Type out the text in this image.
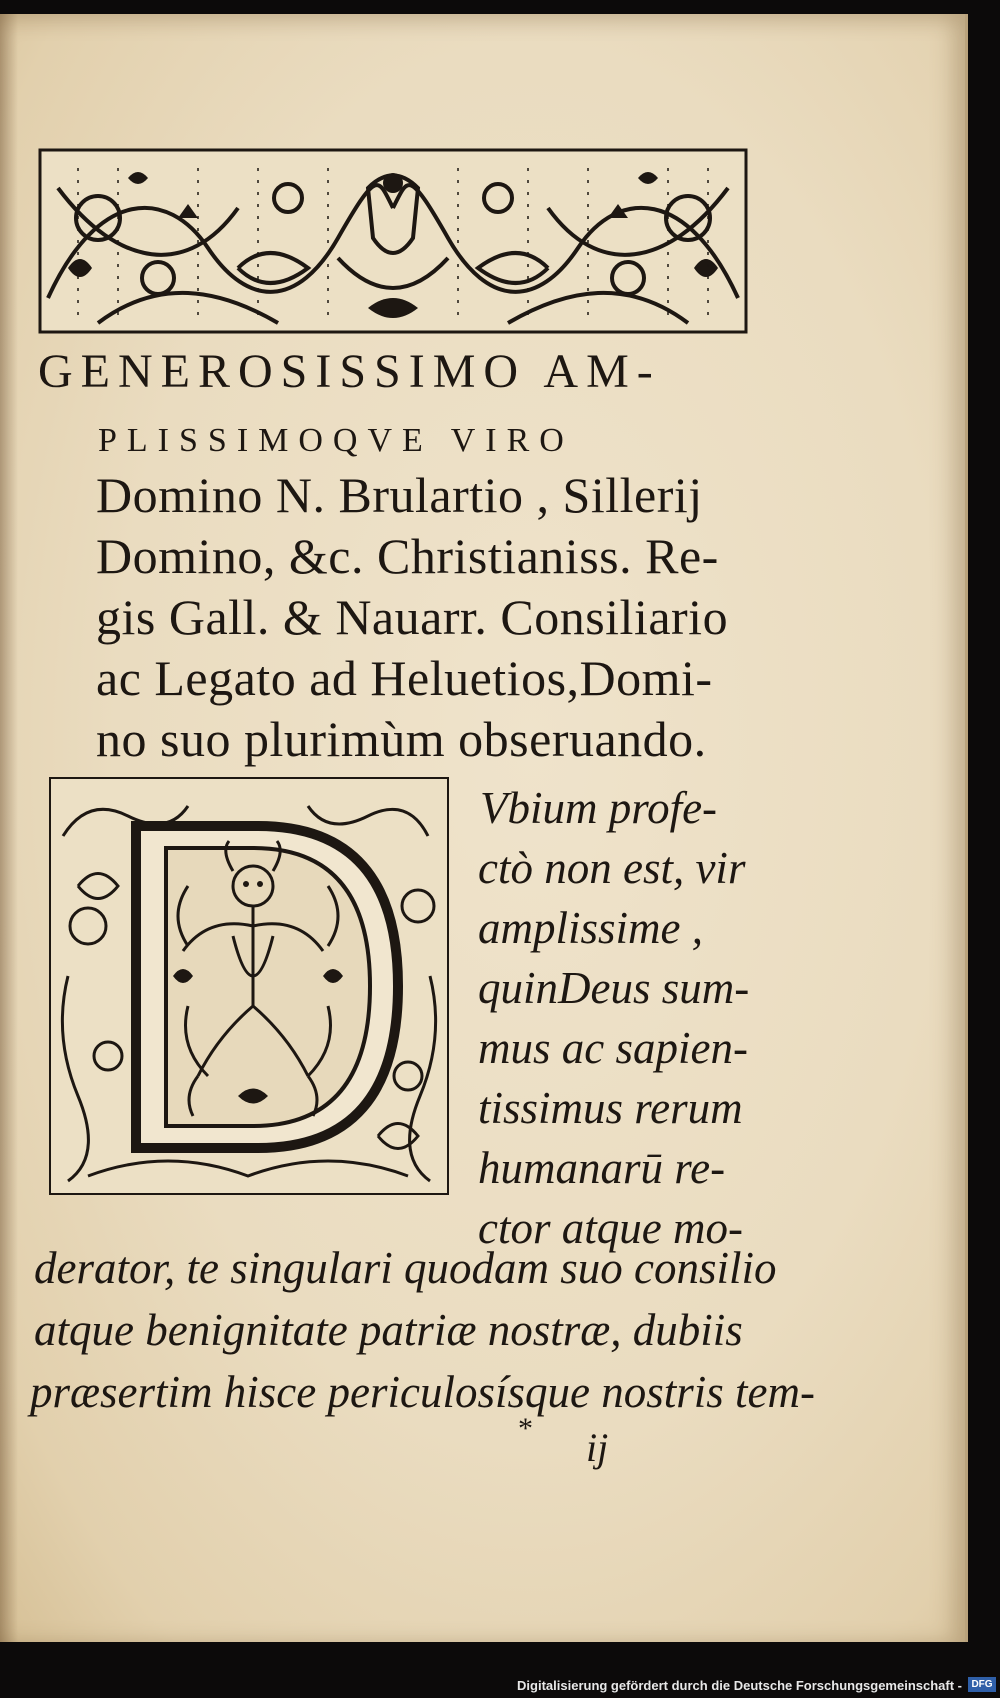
GENEROSISSIMO AM-
PLISSIMOQVE VIRO
Domino N. Brulartio , Sillerij
Domino, &c. Christianiss. Re-
gis Gall. & Nauarr. Consiliario
ac Legato ad Heluetios,Domi-
no suo plurimùm obseruando.
Vbium profe-
ctò non est, vir
amplissime ,
quinDeus sum-
mus ac sapien-
tissimus rerum
humanarū re-
ctor atque mo-
derator, te singulari quodam suo consilio
atque benignitate patriæ nostræ, dubiis
præsertim hisce periculosísque nostris tem-
* ij
Digitalisierung gefördert durch die Deutsche Forschungsgemeinschaft - DFG
